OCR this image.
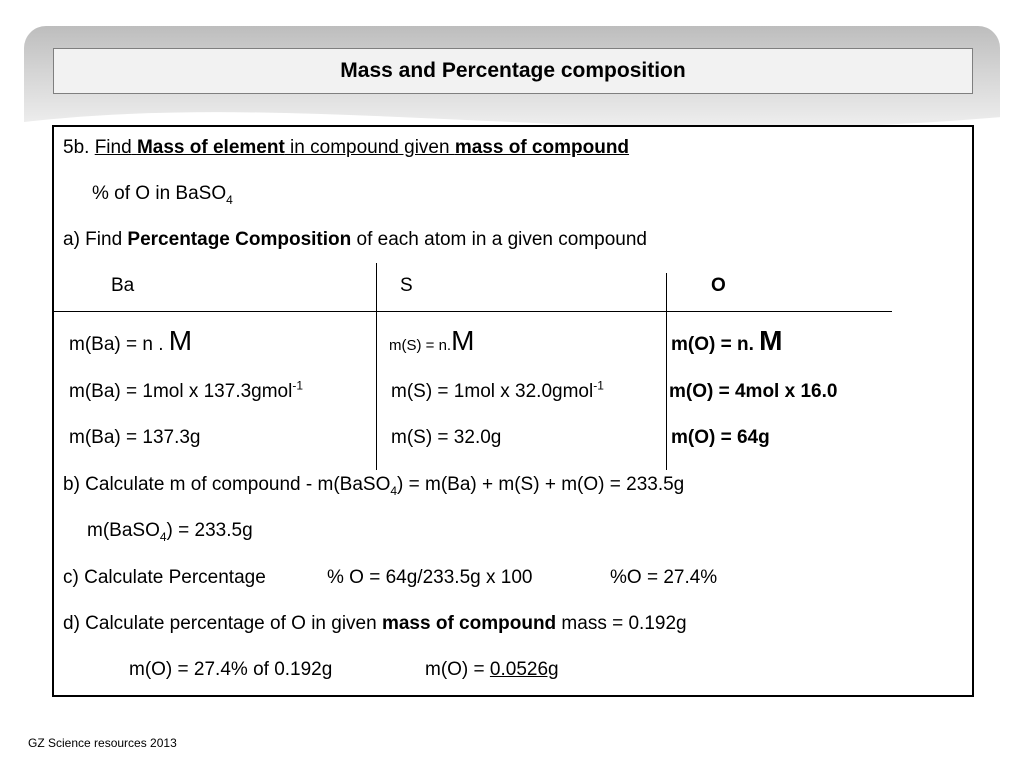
Mass and Percentage composition
5b. Find Mass of element in compound given mass of compound
% of O in BaSO$_4$
a) Find Percentage Composition of each atom in a given compound
Ba	S	O
m(Ba) = n . M	m(S) = n.M	m(O) = n. M
m(Ba) = 1mol x 137.3gmol$^{-1}$	m(S) = 1mol x 32.0gmol$^{-1}$	m(O) = 4mol x 16.0
m(Ba) = 137.3g	m(S) = 32.0g	m(O) = 64g
b) Calculate m of compound - m(BaSO$_4$) = m(Ba) + m(S) + m(O) = 233.5g
m(BaSO$_4$) = 233.5g
c) Calculate Percentage	% O = 64g/233.5g x 100	%O = 27.4%
d) Calculate percentage of O in given mass of compound mass = 0.192g
m(O) = 27.4% of 0.192g	m(O) = 0.0526g
GZ Science resources 2013
